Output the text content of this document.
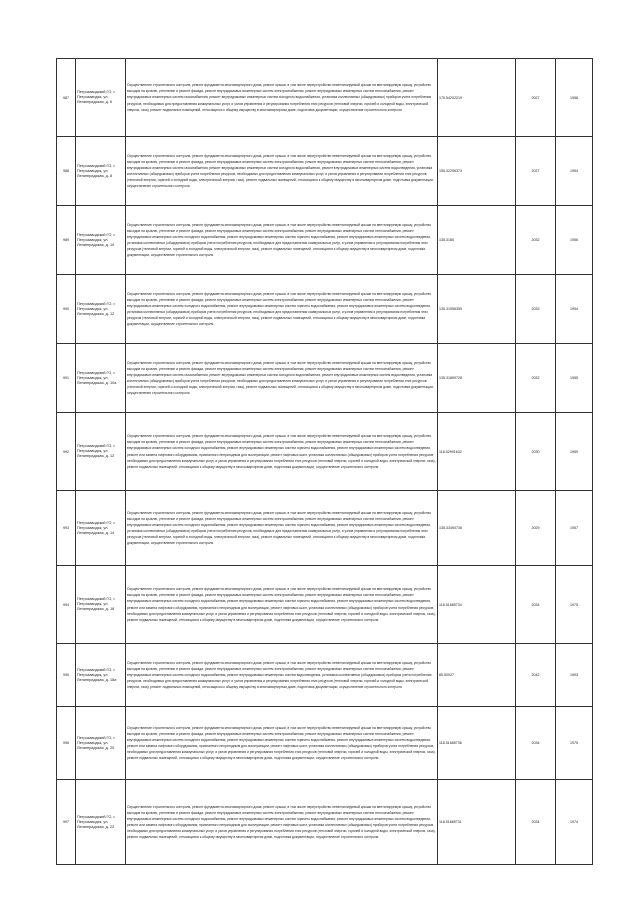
987	Петрозаводский ГО, г. Петрозаводск, ул. Ленинградская, д. 6	Осуществление строительного контроля, ремонт фундамента многоквартирного дома, ремонт крыши, в том числе переустройство невентилируемой крыши на вентилируемую крышу, устройство выходов на кровлю, утепление и ремонт фасада, ремонт внутридомовых инженерных систем электроснабжения, ремонт внутридомовых инженерных систем теплоснабжения, ремонт внутридомовых инженерных систем газоснабжения, ремонт внутридомовых инженерных систем холодного водоснабжения, установка коллективных (общедомовых) приборов учета потребления ресурсов, необходимых для предоставления коммунальных услуг, и узлов управления и регулирования потребления этих ресурсов (тепловой энергии, горячей и холодной воды, электрической энергии, газа), ремонт подвальных помещений, относящихся к общему имуществу в многоквартирном доме, подготовка документации, осуществление строительного контроля	175.54202219	2027	1958
988	Петрозаводский ГО, г. Петрозаводск, ул. Ленинградская, д. 8	Осуществление строительного контроля, ремонт фундамента многоквартирного дома, ремонт крыши, в том числе переустройство невентилируемой крыши на вентилируемую крышу, устройство выходов на кровлю, утепление и ремонт фасада, ремонт внутридомовых инженерных систем электроснабжения, ремонт внутридомовых инженерных систем теплоснабжения, ремонт внутридомовых инженерных систем газоснабжения, ремонт внутридомовых инженерных систем холодного водоснабжения, ремонт внутридомовых инженерных систем водоотведения, установка коллективных (общедомовых) приборов учета потребления ресурсов, необходимых для предоставления коммунальных услуг, и узлов управления и регулирования потребления этих ресурсов (тепловой энергии, горячей и холодной воды, электрической энергии, газа), ремонт подвальных помещений, относящихся к общему имуществу в многоквартирном доме, подготовка документации, осуществление строительного контроля	155.32296373	2027	1954
989	Петрозаводский ГО, г. Петрозаводск, ул. Ленинградская, д. 10	Осуществление строительного контроля, ремонт фундамента многоквартирного дома, ремонт крыши, в том числе переустройство невентилируемой крыши на вентилируемую крышу, устройство выходов на кровлю, утепление и ремонт фасада, ремонт внутридомовых инженерных систем электроснабжения, ремонт внутридомовых инженерных систем теплоснабжения, ремонт внутридомовых инженерных систем холодного водоснабжения, ремонт внутридомовых инженерных систем горячего водоснабжения, ремонт внутридомовых инженерных систем водоотведения, установка коллективных (общедомовых) приборов учета потребления ресурсов, необходимых для предоставления коммунальных услуг, и узлов управления и регулирования потребления этих ресурсов (тепловой энергии, горячей и холодной воды, электрической энергии, газа), ремонт подвальных помещений, относящихся к общему имуществу в многоквартирном доме, подготовка документации, осуществление строительного контроля	135.3185	2032	1956
990	Петрозаводский ГО, г. Петрозаводск, ул. Ленинградская, д. 12	Осуществление строительного контроля, ремонт фундамента многоквартирного дома, ремонт крыши, в том числе переустройство невентилируемой крыши на вентилируемую крышу, устройство выходов на кровлю, утепление и ремонт фасада, ремонт внутридомовых инженерных систем электроснабжения, ремонт внутридомовых инженерных систем теплоснабжения, ремонт внутридомовых инженерных систем холодного водоснабжения, ремонт внутридомовых инженерных систем горячего водоснабжения, ремонт внутридомовых инженерных систем водоотведения, установка коллективных (общедомовых) приборов учета потребления ресурсов, необходимых для предоставления коммунальных услуг, и узлов управления и регулирования потребления этих ресурсов (тепловой энергии, горячей и холодной воды, электрической энергии, газа), ремонт подвальных помещений, относящихся к общему имуществу в многоквартирном доме, подготовка документации, осуществление строительного контроля	135.31956355	2032	1954
991	Петрозаводский ГО, г. Петрозаводск, ул. Ленинградская, д. 10а	Осуществление строительного контроля, ремонт фундамента многоквартирного дома, ремонт крыши, в том числе переустройство невентилируемой крыши на вентилируемую крышу, устройство выходов на кровлю, утепление и ремонт фасада, ремонт внутридомовых инженерных систем электроснабжения, ремонт внутридомовых инженерных систем теплоснабжения, ремонт внутридомовых инженерных систем газоснабжения, ремонт внутридомовых инженерных систем холодного водоснабжения, ремонт внутридомовых инженерных систем водоотведения, установка коллективных (общедомовых) приборов учета потребления ресурсов, необходимых для предоставления коммунальных услуг, и узлов управления и регулирования потребления этих ресурсов (тепловой энергии, горячей и холодной воды, электрической энергии, газа), ремонт подвальных помещений, относящихся к общему имуществу в многоквартирном доме, подготовка документации, осуществление строительного контроля	135.31899728	2032	1955
992	Петрозаводский ГО, г. Петрозаводск, ул. Ленинградская, д. 12	Осуществление строительного контроля, ремонт фундамента многоквартирного дома, ремонт крыши, в том числе переустройство невентилируемой крыши на вентилируемую крышу, устройство выходов на кровлю, утепление и ремонт фасада, ремонт внутридомовых инженерных систем электроснабжения, ремонт внутридомовых инженерных систем теплоснабжения, ремонт внутридомовых инженерных систем холодного водоснабжения, ремонт внутридомовых инженерных систем горячего водоснабжения, ремонт внутридомовых инженерных систем водоотведения, ремонт или замена лифтового оборудования, признанного непригодным для эксплуатации, ремонт лифтовых шахт, установка коллективных (общедомовых) приборов учета потребления ресурсов, необходимых для предоставления коммунальных услуг, и узлов управления и регулирования потребления этих ресурсов (тепловой энергии, горячей и холодной воды, электрической энергии, газа), ремонт подвальных помещений, относящихся к общему имуществу в многоквартирном доме, подготовка документации, осуществление строительного контроля	118.52991632	2030	1959
993	Петрозаводский ГО, г. Петрозаводск, ул. Ленинградская, д. 14	Осуществление строительного контроля, ремонт фундамента многоквартирного дома, ремонт крыши, в том числе переустройство невентилируемой крыши на вентилируемую крышу, устройство выходов на кровлю, утепление и ремонт фасада, ремонт внутридомовых инженерных систем электроснабжения, ремонт внутридомовых инженерных систем теплоснабжения, ремонт внутридомовых инженерных систем холодного водоснабжения, ремонт внутридомовых инженерных систем горячего водоснабжения, ремонт внутридомовых инженерных систем водоотведения, установка коллективных (общедомовых) приборов учета потребления ресурсов, необходимых для предоставления коммунальных услуг, и узлов управления и регулирования потребления этих ресурсов (тепловой энергии, горячей и холодной воды, электрической энергии, газа), ремонт подвальных помещений, относящихся к общему имуществу в многоквартирном доме, подготовка документации, осуществление строительного контроля	135.33490736	2029	1957
994	Петрозаводский ГО, г. Петрозаводск, ул. Ленинградская, д. 18	Осуществление строительного контроля, ремонт фундамента многоквартирного дома, ремонт крыши, в том числе переустройство невентилируемой крыши на вентилируемую крышу, устройство выходов на кровлю, утепление и ремонт фасада, ремонт внутридомовых инженерных систем электроснабжения, ремонт внутридомовых инженерных систем теплоснабжения, ремонт внутридомовых инженерных систем холодного водоснабжения, ремонт внутридомовых инженерных систем горячего водоснабжения, ремонт внутридомовых инженерных систем водоотведения, ремонт или замена лифтового оборудования, признанного непригодным для эксплуатации, ремонт лифтовых шахт, установка коллективных (общедомовых) приборов учета потребления ресурсов, необходимых для предоставления коммунальных услуг, и узлов управления и регулирования потребления этих ресурсов (тепловой энергии, горячей и холодной воды, электрической энергии, газа), ремонт подвальных помещений, относящихся к общему имуществу в многоквартирном доме, подготовка документации, осуществление строительного контроля	118.51685734	2034	1975
995	Петрозаводский ГО, г. Петрозаводск, ул. Ленинградская, д. 18а	Осуществление строительного контроля, ремонт фундамента многоквартирного дома, ремонт крыши, в том числе переустройство невентилируемой крыши на вентилируемую крышу, устройство выходов на кровлю, утепление и ремонт фасада, ремонт внутридомовых инженерных систем электроснабжения, ремонт внутридомовых инженерных систем теплоснабжения, ремонт внутридомовых инженерных систем холодного водоснабжения, ремонт внутридомовых инженерных систем водоотведения, установка коллективных (общедомовых) приборов учета потребления ресурсов, необходимых для предоставления коммунальных услуг, и узлов управления и регулирования потребления этих ресурсов (тепловой энергии, горячей и холодной воды, электрической энергии, газа), ремонт подвальных помещений, относящихся к общему имуществу в многоквартирном доме, подготовка документации, осуществление строительного контроля	85.50027	2042	1993
996	Петрозаводский ГО, г. Петрозаводск, ул. Ленинградская, д. 20	Осуществление строительного контроля, ремонт фундамента многоквартирного дома, ремонт крыши, в том числе переустройство невентилируемой крыши на вентилируемую крышу, устройство выходов на кровлю, утепление и ремонт фасада, ремонт внутридомовых инженерных систем электроснабжения, ремонт внутридомовых инженерных систем теплоснабжения, ремонт внутридомовых инженерных систем холодного водоснабжения, ремонт внутридомовых инженерных систем горячего водоснабжения, ремонт внутридомовых инженерных систем водоотведения, ремонт или замена лифтового оборудования, признанного непригодным для эксплуатации, ремонт лифтовых шахт, установка коллективных (общедомовых) приборов учета потребления ресурсов, необходимых для предоставления коммунальных услуг, и узлов управления и регулирования потребления этих ресурсов (тепловой энергии, горячей и холодной воды, электрической энергии, газа), ремонт подвальных помещений, относящихся к общему имуществу в многоквартирном доме, подготовка документации, осуществление строительного контроля	118.51685736	2034	1975
997	Петрозаводский ГО, г. Петрозаводск, ул. Ленинградская, д. 22	Осуществление строительного контроля, ремонт фундамента многоквартирного дома, ремонт крыши, в том числе переустройство невентилируемой крыши на вентилируемую крышу, устройство выходов на кровлю, утепление и ремонт фасада, ремонт внутридомовых инженерных систем электроснабжения, ремонт внутридомовых инженерных систем теплоснабжения, ремонт внутридомовых инженерных систем холодного водоснабжения, ремонт внутридомовых инженерных систем горячего водоснабжения, ремонт внутридомовых инженерных систем водоотведения, ремонт или замена лифтового оборудования, признанного непригодным для эксплуатации, ремонт лифтовых шахт, установка коллективных (общедомовых) приборов учета потребления ресурсов, необходимых для предоставления коммунальных услуг, и узлов управления и регулирования потребления этих ресурсов (тепловой энергии, горячей и холодной воды, электрической энергии, газа), ремонт подвальных помещений, относящихся к общему имуществу в многоквартирном доме, подготовка документации, осуществление строительного контроля	118.51689731	2034	1974
